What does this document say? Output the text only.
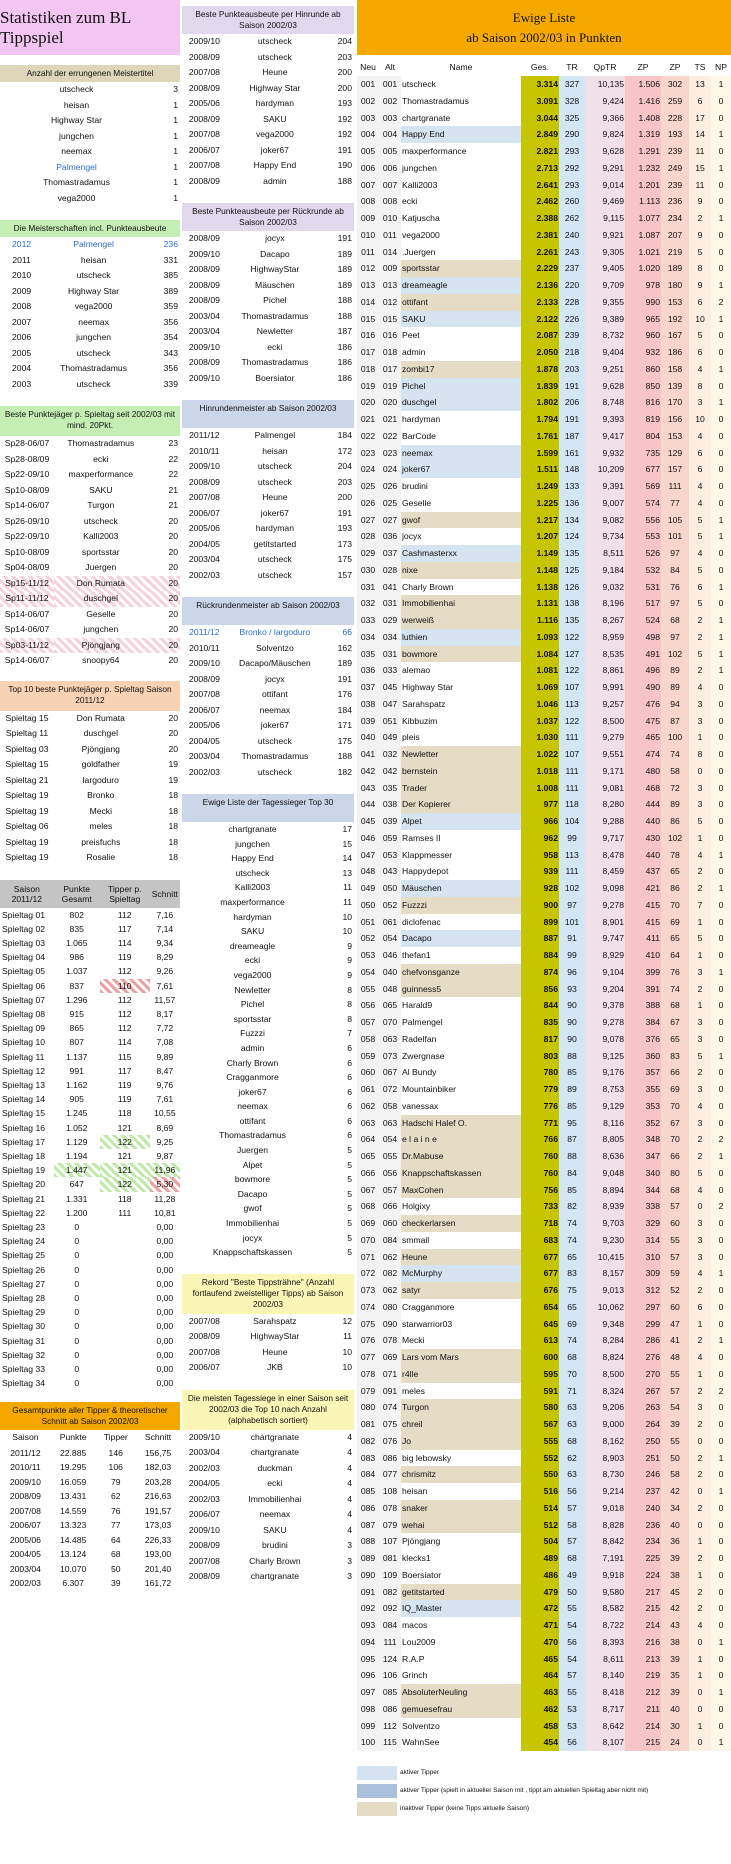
Statistiken zum BL Tippspiel
Anzahl der errungenen Meistertitel
utscheck	3
heisan	1
Highway Star	1
jungchen	1
neemax	1
Palmengel	1
Thomastradamus	1
vega2000	1
Die Meisterschaften incl. Punkteausbeute
2012	Palmengel	236
2011	heisan	331
2010	utscheck	385
2009	Highway Star	389
2008	vega2000	359
2007	neemax	356
2006	jungchen	354
2005	utscheck	343
2004	Thomastradamus	356
2003	utscheck	339
Beste Punktejäger p. Spieltag seit 2002/03 mit mind. 20Pkt.
Sp28-06/07	Thomastradamus	23
Sp28-08/09	ecki	22
Sp22-09/10	maxperformance	22
Sp10-08/09	SAKU	21
Sp14-06/07	Turgon	21
Sp26-09/10	utscheck	20
Sp22-09/10	Kalli2003	20
Sp10-08/09	sportsstar	20
Sp04-08/09	Juergen	20
Sp15-11/12	Don Rumata	20
Sp11-11/12	duschgel	20
Sp14-06/07	Geselle	20
Sp14-06/07	jungchen	20
Sp03-11/12	Pjöngjang	20
Sp14-06/07	snoopy64	20
Top 10 beste Punktejäger p. Spieltag Saison 2011/12
Spieltag 15	Don Rumata	20
Spieltag 11	duschgel	20
Spieltag 03	Pjöngjang	20
Spieltag 15	goldfather	19
Spieltag 21	largoduro	19
Spieltag 19	Bronko	18
Spieltag 19	Mecki	18
Spieltag 06	meles	18
Spieltag 19	preisfuchs	18
Spieltag 19	Rosalie	18
Saison 2011/12	Punkte Gesamt	Tipper p. Spieltag	Schnitt
Spieltag 01	802	112	7,16
Spieltag 02	835	117	7,14
Spieltag 03	1.065	114	9,34
Spieltag 04	986	119	8,29
Spieltag 05	1.037	112	9,26
Spieltag 06	837	110	7,61
Spieltag 07	1.296	112	11,57
Spieltag 08	915	112	8,17
Spieltag 09	865	112	7,72
Spieltag 10	807	114	7,08
Spieltag 11	1.137	115	9,89
Spieltag 12	991	117	8,47
Spieltag 13	1.162	119	9,76
Spieltag 14	905	119	7,61
Spieltag 15	1.245	118	10,55
Spieltag 16	1.052	121	8,69
Spieltag 17	1.129	122	9,25
Spieltag 18	1.194	121	9,87
Spieltag 19	1.447	121	11,96
Spieltag 20	647	122	5,30
Spieltag 21	1.331	118	11,28
Spieltag 22	1.200	111	10,81
Spieltag 23	0		0,00
Spieltag 24	0		0,00
Spieltag 25	0		0,00
Spieltag 26	0		0,00
Spieltag 27	0		0,00
Spieltag 28	0		0,00
Spieltag 29	0		0,00
Spieltag 30	0		0,00
Spieltag 31	0		0,00
Spieltag 32	0		0,00
Spieltag 33	0		0,00
Spieltag 34	0		0,00
Gesamtpunkte aller Tipper & theoretischer Schnitt ab Saison 2002/03
Saison	Punkte	Tipper	Schnitt
2011/12	22.885	146	156,75
2010/11	19.295	106	182,03
2009/10	16.059	79	203,28
2008/09	13.431	62	216,63
2007/08	14.559	76	191,57
2006/07	13.323	77	173,03
2005/06	14.485	64	226,33
2004/05	13.124	68	193,00
2003/04	10.070	50	201,40
2002/03	6.307	39	161,72
Beste Punkteausbeute per Hinrunde ab Saison 2002/03
2009/10	utscheck	204
2008/09	utscheck	203
2007/08	Heune	200
2008/09	Highway Star	200
2005/06	hardyman	193
2008/09	SAKU	192
2007/08	vega2000	192
2006/07	joker67	191
2007/08	Happy End	190
2008/09	admin	188
Beste Punkteausbeute per Rückrunde ab Saison 2002/03
2008/09	jocyx	191
2009/10	Dacapo	189
2008/09	HighwayStar	189
2008/09	Mäuschen	189
2008/09	Pichel	188
2003/04	Thomastradamus	188
2003/04	Newletter	187
2009/10	ecki	186
2008/09	Thomastradamus	186
2009/10	Boersiator	186
Hinrundenmeister ab Saison 2002/03
2011/12	Palmengel	184
2010/11	heisan	172
2009/10	utscheck	204
2008/09	utscheck	203
2007/08	Heune	200
2006/07	joker67	191
2005/06	hardyman	193
2004/05	getitstarted	173
2003/04	utscheck	175
2002/03	utscheck	157
Rückrundenmeister ab Saison 2002/03
2011/12	Bronko / largoduro	66
2010/11	Solventzo	162
2009/10	Dacapo/Mäuschen	189
2008/09	jocyx	191
2007/08	ottifant	176
2006/07	neemax	184
2005/06	joker67	171
2004/05	utscheck	175
2003/04	Thomastradamus	188
2002/03	utscheck	182
Ewige Liste der Tagessieger Top 30
chartgranate	17
jungchen	15
Happy End	14
utscheck	13
Kalli2003	11
maxperformance	11
hardyman	10
SAKU	10
dreameagle	9
ecki	9
vega2000	9
Newletter	8
Pichel	8
sportsstar	8
Fuzzzi	7
admin	6
Charly Brown	6
Cragganmore	6
joker67	6
neemax	6
ottifant	6
Thomastradamus	6
Juergen	5
Alpet	5
bowmore	5
Dacapo	5
gwof	5
Immobilienhai	5
jocyx	5
Knappschaftskassen	5
Rekord "Beste Tippsträhne" (Anzahl fortlaufend zweistelliger Tipps) ab Saison 2002/03
2007/08	Sarahspatz	12
2008/09	HighwayStar	11
2007/08	Heune	10
2006/07	JKB	10
Die meisten Tagessiege in einer Saison seit 2002/03 die Top 10 nach Anzahl (alphabetisch sortiert)
2009/10	chartgranate	4
2003/04	chartgranate	4
2002/03	duckman	4
2004/05	ecki	4
2002/03	Immobilienhai	4
2006/07	neemax	4
2009/10	SAKU	4
2008/09	brudini	3
2007/08	Charly Brown	3
2008/09	chartgranate	3
Ewige Liste
ab Saison 2002/03 in Punkten
Neu	Alt	Name	Ges.	TR	QpTR	ZP	ZP	TS	NP
001	001	utscheck	3.314	327	10,135	1.506	302	13	1
002	002	Thomastradamus	3.091	328	9,424	1.416	259	6	0
003	003	chartgranate	3.044	325	9,366	1.408	228	17	0
004	004	Happy End	2.849	290	9,824	1.319	193	14	1
005	005	maxperformance	2.821	293	9,628	1.291	239	11	0
006	006	jungchen	2.713	292	9,291	1.232	249	15	1
007	007	Kalli2003	2.641	293	9,014	1.201	239	11	0
008	008	ecki	2.462	260	9,469	1.113	236	9	0
009	010	Katjuscha	2.388	262	9,115	1.077	234	2	1
010	011	vega2000	2.381	240	9,921	1.087	207	9	0
011	014	.Juergen	2.261	243	9,305	1.021	219	5	0
012	009	sportsstar	2.229	237	9,405	1.020	189	8	0
013	013	dreameagle	2.136	220	9,709	978	180	9	1
014	012	ottifant	2.133	228	9,355	990	153	6	2
015	015	SAKU	2.122	226	9,389	965	192	10	1
016	016	Peet	2.087	239	8,732	960	167	5	0
017	018	admin	2.050	218	9,404	932	186	6	0
018	017	zombi17	1.878	203	9,251	860	158	4	1
019	019	Pichel	1.839	191	9,628	850	139	8	0
020	020	duschgel	1.802	206	8,748	816	170	3	1
021	021	hardyman	1.794	191	9,393	819	156	10	0
022	022	BarCode	1.761	187	9,417	804	153	4	0
023	023	neemax	1.599	161	9,932	735	129	6	0
024	024	joker67	1.511	148	10,209	677	157	6	0
025	026	brudini	1.249	133	9,391	569	111	4	0
026	025	Geselle	1.225	136	9,007	574	77	4	0
027	027	gwof	1.217	134	9,082	556	105	5	1
028	036	jocyx	1.207	124	9,734	553	101	5	1
029	037	Cashmasterxx	1.149	135	8,511	526	97	4	0
030	028	nixe	1.148	125	9,184	532	84	5	0
031	041	Charly Brown	1.138	126	9,032	531	76	6	1
032	031	Immobilienhai	1.131	138	8,196	517	97	5	0
033	029	werweiß	1.116	135	8,267	524	68	2	1
034	034	luthien	1.093	122	8,959	498	97	2	1
035	031	bowmore	1.084	127	8,535	491	102	5	1
036	033	alemao	1.081	122	8,861	496	89	2	1
037	045	Highway Star	1.069	107	9,991	490	89	4	0
038	047	Sarahspatz	1.046	113	9,257	476	94	3	0
039	051	Kibbuzim	1.037	122	8,500	475	87	3	0
040	049	pleis	1.030	111	9,279	465	100	1	0
041	032	Newletter	1.022	107	9,551	474	74	8	0
042	042	bernstein	1.018	111	9,171	480	58	0	0
043	035	Trader	1.008	111	9,081	468	72	3	0
044	038	Der Kopierer	977	118	8,280	444	89	3	0
045	039	Alpet	966	104	9,288	440	86	5	0
046	059	Ramses II	962	99	9,717	430	102	1	0
047	053	Klappmesser	958	113	8,478	440	78	4	1
048	043	Happydepot	939	111	8,459	437	65	2	0
049	050	Mäuschen	928	102	9,098	421	86	2	1
050	052	Fuzzzi	900	97	9,278	415	70	7	0
051	061	diclofenac	899	101	8,901	415	69	1	0
052	054	Dacapo	887	91	9,747	411	65	5	0
053	046	thefan1	884	99	8,929	410	64	1	0
054	040	chefvonsganze	874	96	9,104	399	76	3	1
055	048	guinness5	856	93	9,204	391	74	2	0
056	065	Harald9	844	90	9,378	388	68	1	0
057	070	Palmengel	835	90	9,278	384	67	3	0
058	063	Radelfan	817	90	9,078	376	65	3	0
059	073	Zwergnase	803	88	9,125	360	83	5	1
060	067	Al Bundy	780	85	9,176	357	66	2	0
061	072	Mountainbiker	779	89	8,753	355	69	3	0
062	058	vanessax	776	85	9,129	353	70	4	0
063	063	Hadschi Halef O.	771	95	8,116	352	67	3	0
064	054	e l a i n e	766	87	8,805	348	70	2	2
065	055	Dr.Mabuse	760	88	8,636	347	66	2	1
066	056	Knappschaftskassen	760	84	9,048	340	80	5	0
067	057	MaxCohen	756	85	8,894	344	68	4	0
068	066	Holgixy	733	82	8,939	338	57	0	2
069	060	checkerlarsen	718	74	9,703	329	60	3	0
070	084	smmail	683	74	9,230	314	55	3	0
071	062	Heune	677	65	10,415	310	57	3	0
072	082	McMurphy	677	83	8,157	309	59	4	1
073	062	satyr	676	75	9,013	312	52	2	0
074	080	Cragganmore	654	65	10,062	297	60	6	0
075	090	starwarrior03	645	69	9,348	299	47	1	0
076	078	Mecki	613	74	8,284	286	41	2	1
077	069	Lars vom Mars	600	68	8,824	276	48	4	0
078	071	r4lle	595	70	8,500	270	55	1	0
079	091	meles	591	71	8,324	267	57	2	2
080	074	Turgon	580	63	9,206	263	54	3	0
081	075	chreil	567	63	9,000	264	39	2	0
082	076	Jo	555	68	8,162	250	55	0	0
083	086	big lebowsky	552	62	8,903	251	50	2	1
084	077	chrismitz	550	63	8,730	246	58	2	0
085	108	heisan	516	56	9,214	237	42	0	1
086	078	snaker	514	57	9,018	240	34	2	0
087	079	wehai	512	58	8,828	236	40	0	0
088	107	Pjöngjang	504	57	8,842	234	36	1	0
089	081	klecks1	489	68	7,191	225	39	2	0
090	109	Boersiator	486	49	9,918	224	38	1	0
091	082	getitstarted	479	50	9,580	217	45	2	0
092	092	IQ_Master	472	55	8,582	215	42	2	0
093	084	macos	471	54	8,722	214	43	4	0
094	111	Lou2009	470	56	8,393	216	38	0	1
095	124	R.A.P	465	54	8,611	213	39	1	0
096	106	Grinch	464	57	8,140	219	35	1	0
097	085	AbsoluterNeuling	463	55	8,418	212	39	0	1
098	086	gemuesefrau	462	53	8,717	211	40	0	0
099	112	Solventzo	458	53	8,642	214	30	1	0
100	115	WahnSee	454	56	8,107	215	24	0	1
aktiver Tipper
aktiver Tipper (spielt in aktueller Saison mit , tippt am aktuellen Spieltag aber nicht mit)
inaktiver Tipper (keine Tipps aktuelle Saison)
